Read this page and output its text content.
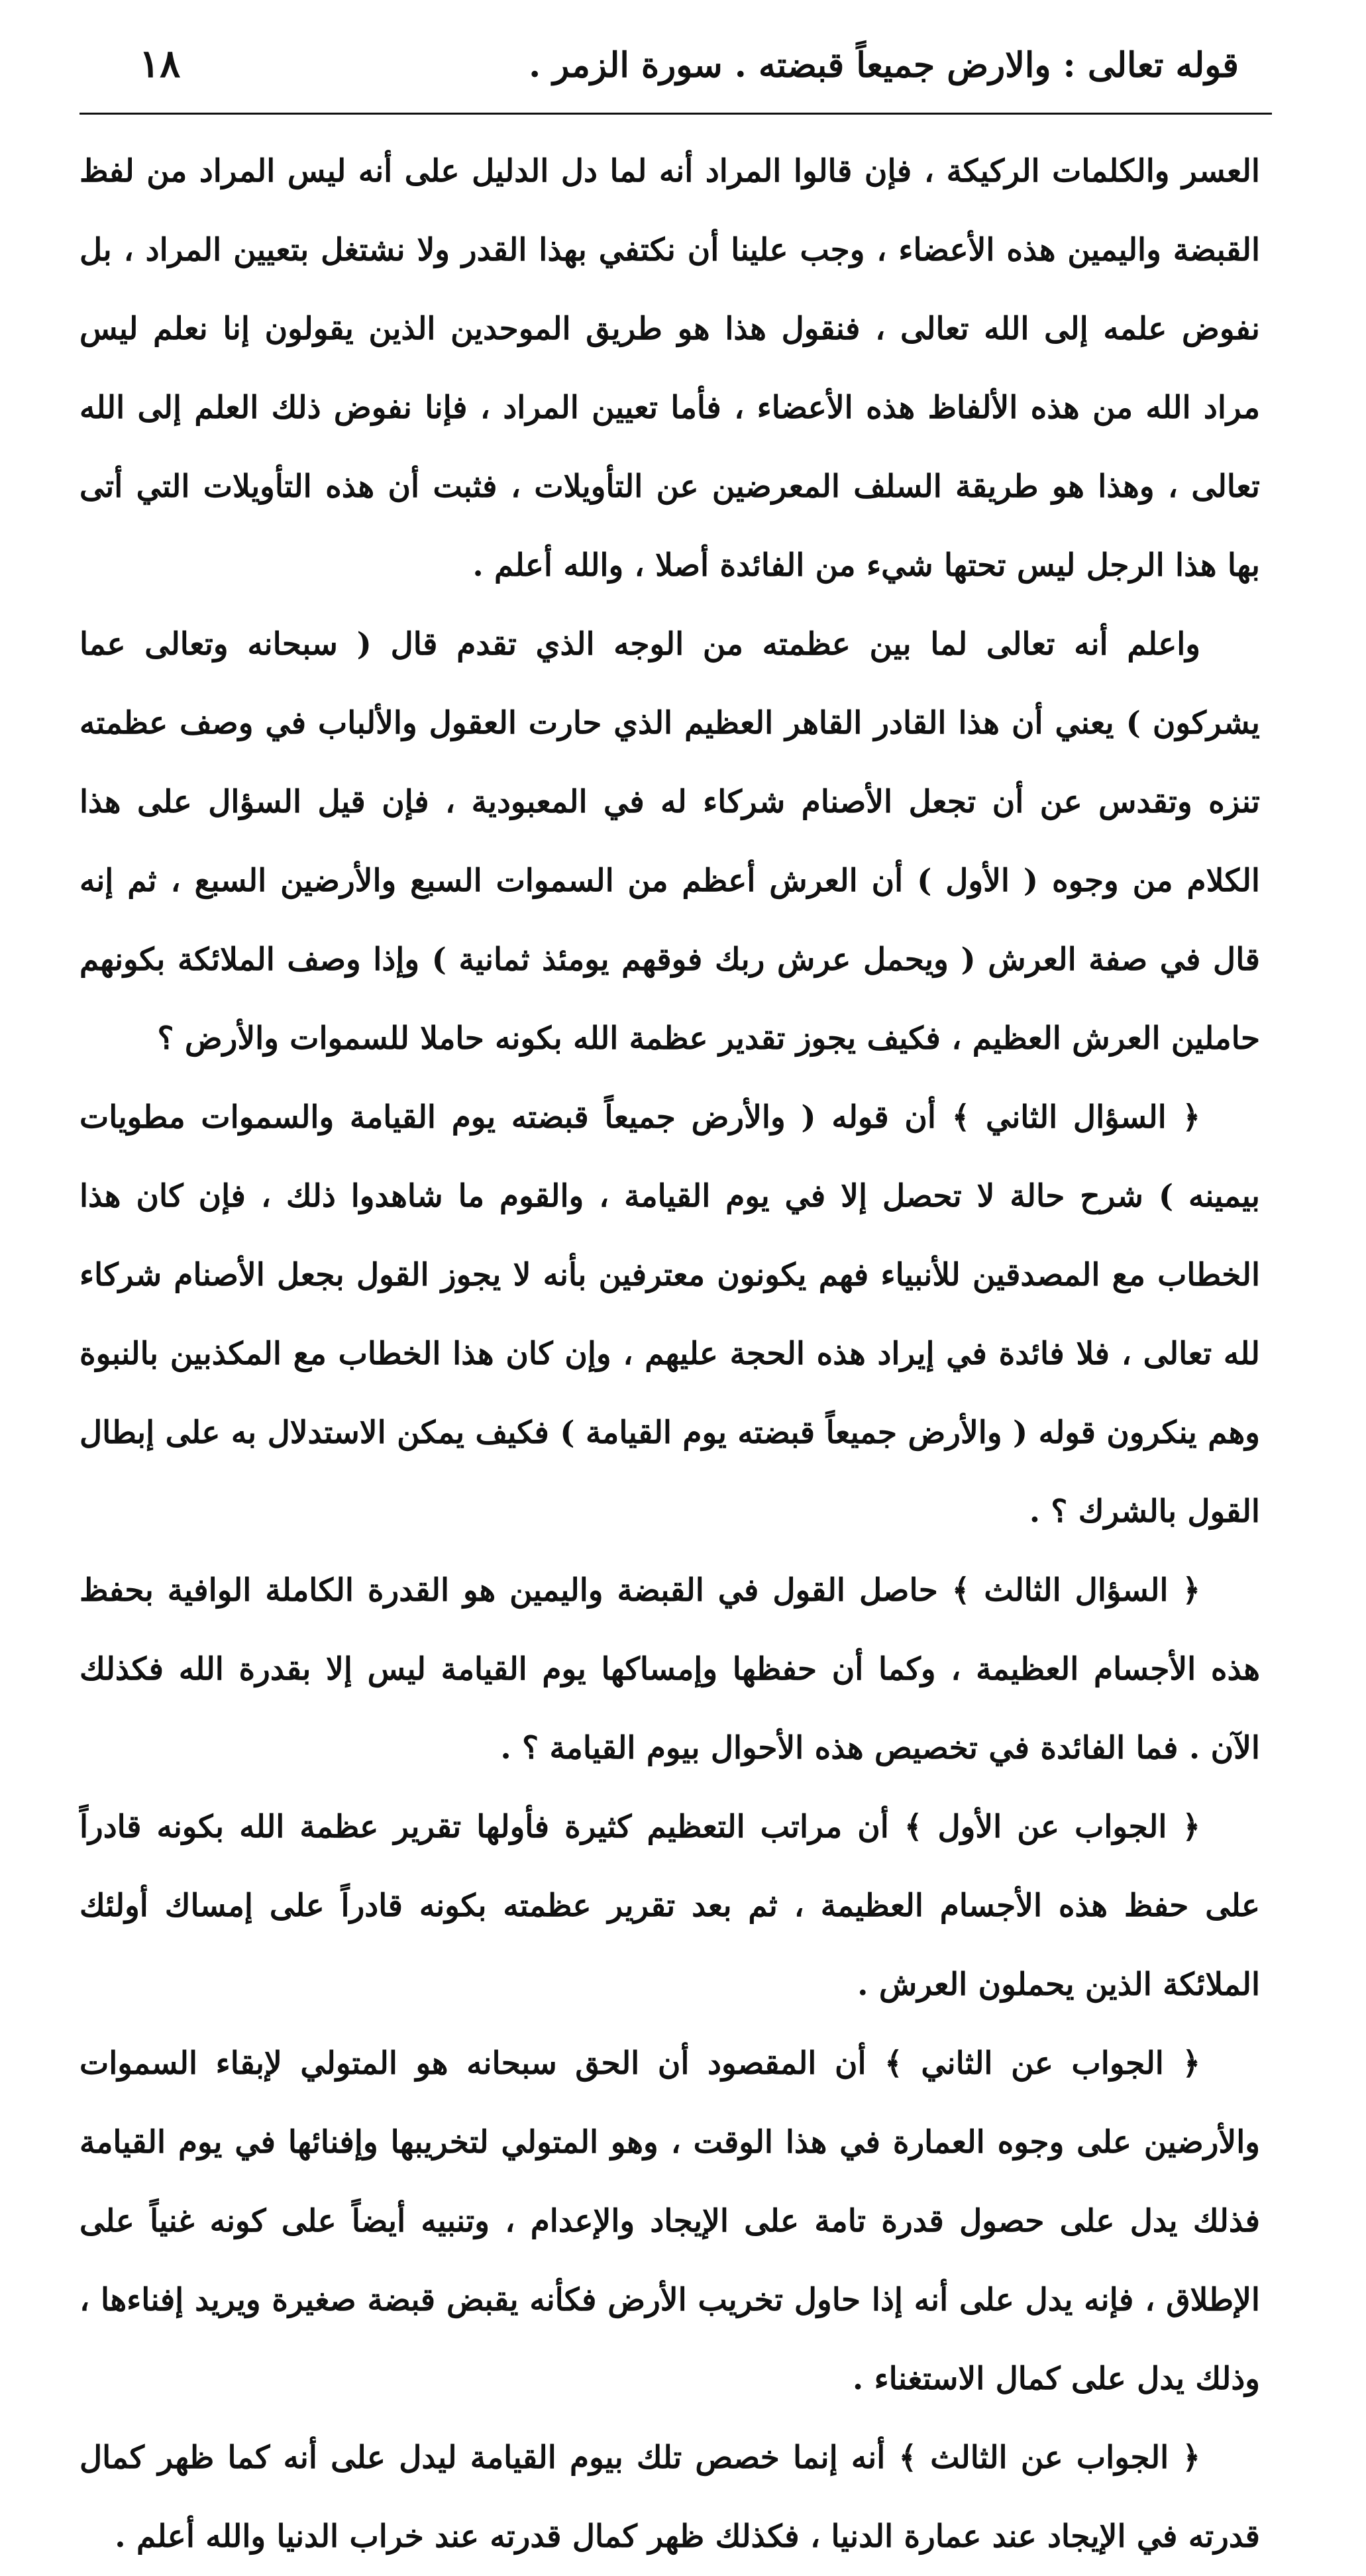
قوله تعالى : والارض جميعاً قبضته . سورة الزمر .
١٨

العسر والكلمات الركيكة ، فإن قالوا المراد أنه لما دل الدليل على أنه ليس المراد من لفظ القبضة واليمين هذه الأعضاء ، وجب علينا أن نكتفي بهذا القدر ولا نشتغل بتعيين المراد ، بل نفوض علمه إلى الله تعالى ، فنقول هذا هو طريق الموحدين الذين يقولون إنا نعلم ليس مراد الله من هذه الألفاظ هذه الأعضاء ، فأما تعيين المراد ، فإنا نفوض ذلك العلم إلى الله تعالى ، وهذا هو طريقة السلف المعرضين عن التأويلات ، فثبت أن هذه التأويلات التي أتى بها هذا الرجل ليس تحتها شيء من الفائدة أصلا ، والله أعلم .

واعلم أنه تعالى لما بين عظمته من الوجه الذي تقدم قال ( سبحانه وتعالى عما يشركون ) يعني أن هذا القادر القاهر العظيم الذي حارت العقول والألباب في وصف عظمته تنزه وتقدس عن أن تجعل الأصنام شركاء له في المعبودية ، فإن قيل السؤال على هذا الكلام من وجوه ( الأول ) أن العرش أعظم من السموات السبع والأرضين السبع ، ثم إنه قال في صفة العرش ( ويحمل عرش ربك فوقهم يومئذ ثمانية ) وإذا وصف الملائكة بكونهم حاملين العرش العظيم ، فكيف يجوز تقدير عظمة الله بكونه حاملا للسموات والأرض ؟

﴿ السؤال الثاني ﴾ أن قوله ( والأرض جميعاً قبضته يوم القيامة والسموات مطويات بيمينه ) شرح حالة لا تحصل إلا في يوم القيامة ، والقوم ما شاهدوا ذلك ، فإن كان هذا الخطاب مع المصدقين للأنبياء فهم يكونون معترفين بأنه لا يجوز القول بجعل الأصنام شركاء لله تعالى ، فلا فائدة في إيراد هذه الحجة عليهم ، وإن كان هذا الخطاب مع المكذبين بالنبوة وهم ينكرون قوله ( والأرض جميعاً قبضته يوم القيامة ) فكيف يمكن الاستدلال به على إبطال القول بالشرك ؟ .

﴿ السؤال الثالث ﴾ حاصل القول في القبضة واليمين هو القدرة الكاملة الوافية بحفظ هذه الأجسام العظيمة ، وكما أن حفظها وإمساكها يوم القيامة ليس إلا بقدرة الله فكذلك الآن . فما الفائدة في تخصيص هذه الأحوال بيوم القيامة ؟ .

﴿ الجواب عن الأول ﴾ أن مراتب التعظيم كثيرة فأولها تقرير عظمة الله بكونه قادراً على حفظ هذه الأجسام العظيمة ، ثم بعد تقرير عظمته بكونه قادراً على إمساك أولئك الملائكة الذين يحملون العرش .

﴿ الجواب عن الثاني ﴾ أن المقصود أن الحق سبحانه هو المتولي لإبقاء السموات والأرضين على وجوه العمارة في هذا الوقت ، وهو المتولي لتخريبها وإفنائها في يوم القيامة فذلك يدل على حصول قدرة تامة على الإيجاد والإعدام ، وتنبيه أيضاً على كونه غنياً على الإطلاق ، فإنه يدل على أنه إذا حاول تخريب الأرض فكأنه يقبض قبضة صغيرة ويريد إفناءها ، وذلك يدل على كمال الاستغناء .

﴿ الجواب عن الثالث ﴾ أنه إنما خصص تلك بيوم القيامة ليدل على أنه كما ظهر كمال قدرته في الإيجاد عند عمارة الدنيا ، فكذلك ظهر كمال قدرته عند خراب الدنيا والله أعلم .
